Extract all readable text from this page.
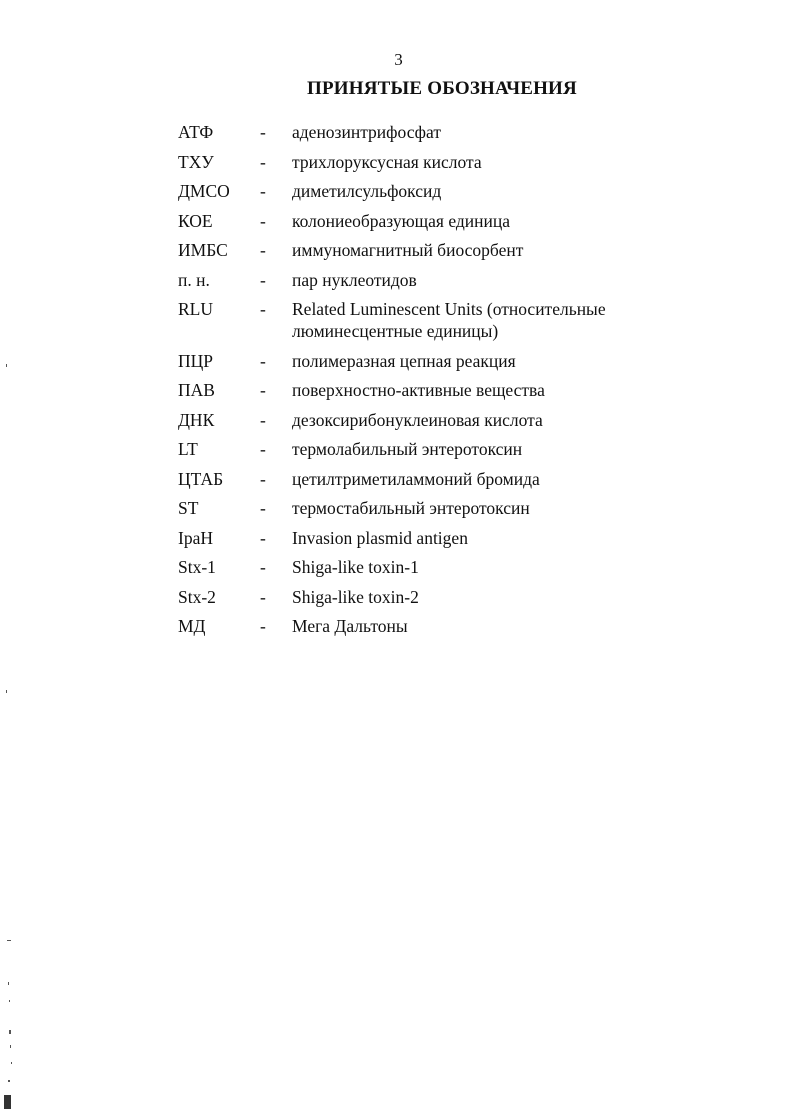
3
ПРИНЯТЫЕ ОБОЗНАЧЕНИЯ
АТФ	-	аденозинтрифосфат
ТХУ	-	трихлоруксусная кислота
ДМСО	-	диметилсульфоксид
КОЕ	-	колониеобразующая единица
ИМБС	-	иммуномагнитный биосорбент
п. н.	-	пар нуклеотидов
RLU	-	Related Luminescent Units (относительные люминесцентные единицы)
ПЦР	-	полимеразная цепная реакция
ПАВ	-	поверхностно-активные вещества
ДНК	-	дезоксирибонуклеиновая кислота
LT	-	термолабильный энтеротоксин
ЦТАБ	-	цетилтриметиламмоний бромида
ST	-	термостабильный энтеротоксин
IpaH	-	Invasion plasmid antigen
Stx-1	-	Shiga-like toxin-1
Stx-2	-	Shiga-like toxin-2
МД	-	Мега Дальтоны
